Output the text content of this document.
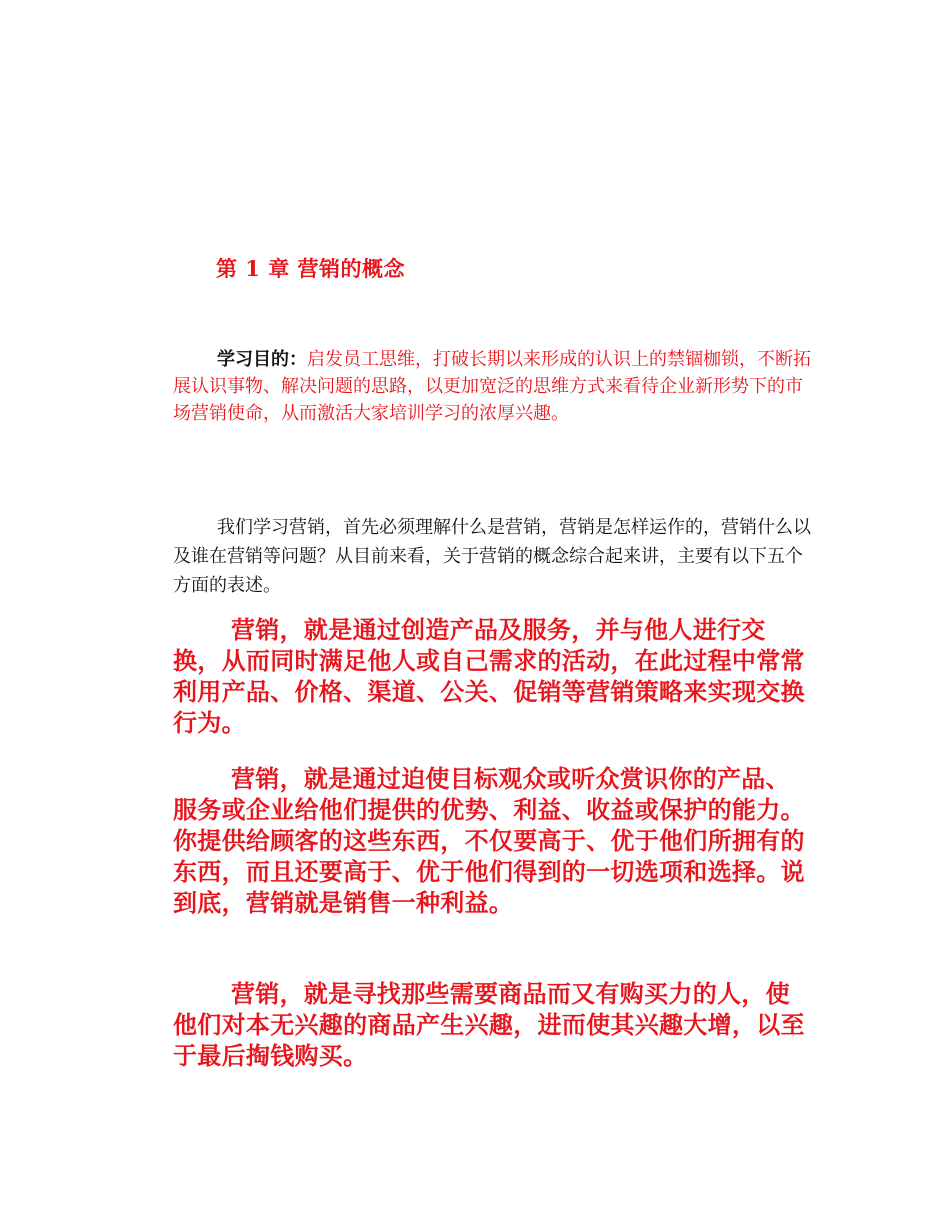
第 1 章 营销的概念

学习目的：启发员工思维，打破长期以来形成的认识上的禁锢枷锁，不断拓展认识事物、解决问题的思路，以更加宽泛的思维方式来看待企业新形势下的市场营销使命，从而激活大家培训学习的浓厚兴趣。

我们学习营销，首先必须理解什么是营销，营销是怎样运作的，营销什么以及谁在营销等问题？从目前来看，关于营销的概念综合起来讲，主要有以下五个方面的表述。

营销，就是通过创造产品及服务，并与他人进行交换，从而同时满足他人或自己需求的活动，在此过程中常常利用产品、价格、渠道、公关、促销等营销策略来实现交换行为。

营销，就是通过迫使目标观众或听众赏识你的产品、服务或企业给他们提供的优势、利益、收益或保护的能力。你提供给顾客的这些东西，不仅要高于、优于他们所拥有的东西，而且还要高于、优于他们得到的一切选项和选择。说到底，营销就是销售一种利益。

营销，就是寻找那些需要商品而又有购买力的人，使他们对本无兴趣的商品产生兴趣，进而使其兴趣大增，以至于最后掏钱购买。
